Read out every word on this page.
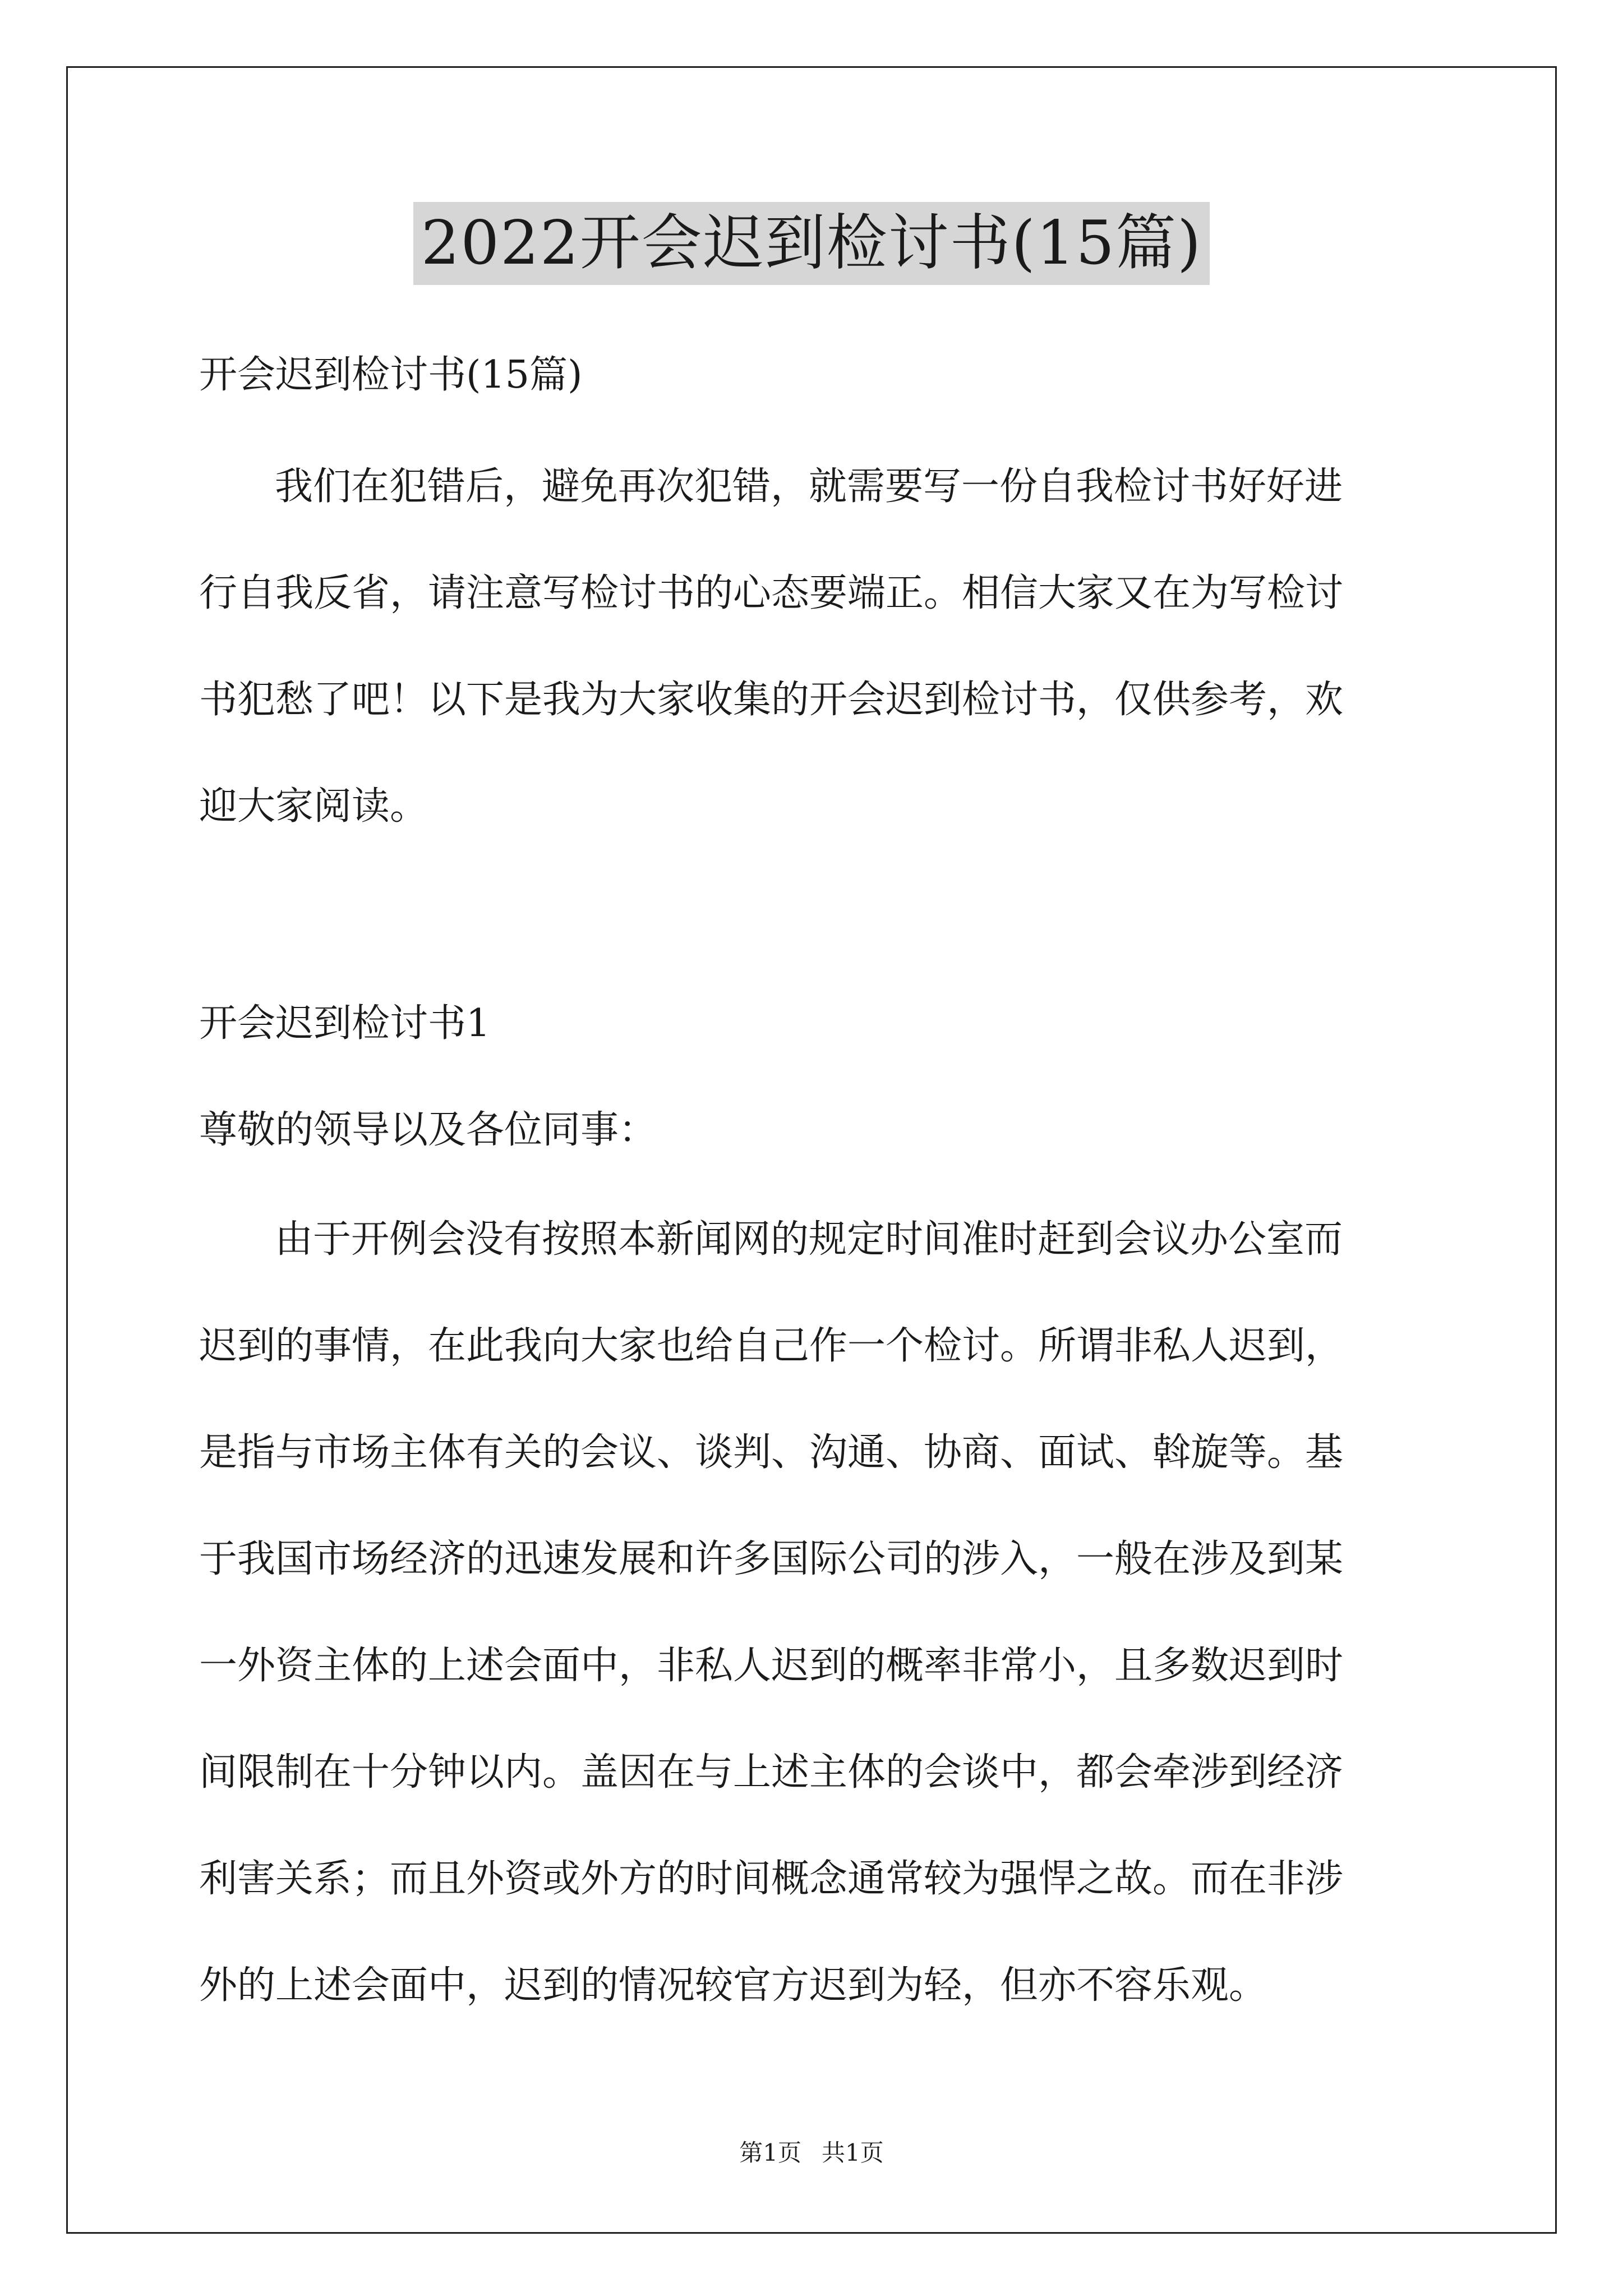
2022开会迟到检讨书(15篇)
开会迟到检讨书(15篇)
我们在犯错后，避免再次犯错，就需要写一份自我检讨书好好进
行自我反省，请注意写检讨书的心态要端正。相信大家又在为写检讨
书犯愁了吧！以下是我为大家收集的开会迟到检讨书，仅供参考，欢
迎大家阅读。
开会迟到检讨书1
尊敬的领导以及各位同事：
由于开例会没有按照本新闻网的规定时间准时赶到会议办公室而
迟到的事情，在此我向大家也给自己作一个检讨。所谓非私人迟到，
是指与市场主体有关的会议、谈判、沟通、协商、面试、斡旋等。基
于我国市场经济的迅速发展和许多国际公司的涉入，一般在涉及到某
一外资主体的上述会面中，非私人迟到的概率非常小，且多数迟到时
间限制在十分钟以内。盖因在与上述主体的会谈中，都会牵涉到经济
利害关系；而且外资或外方的时间概念通常较为强悍之故。而在非涉
外的上述会面中，迟到的情况较官方迟到为轻，但亦不容乐观。
第1页 共1页
